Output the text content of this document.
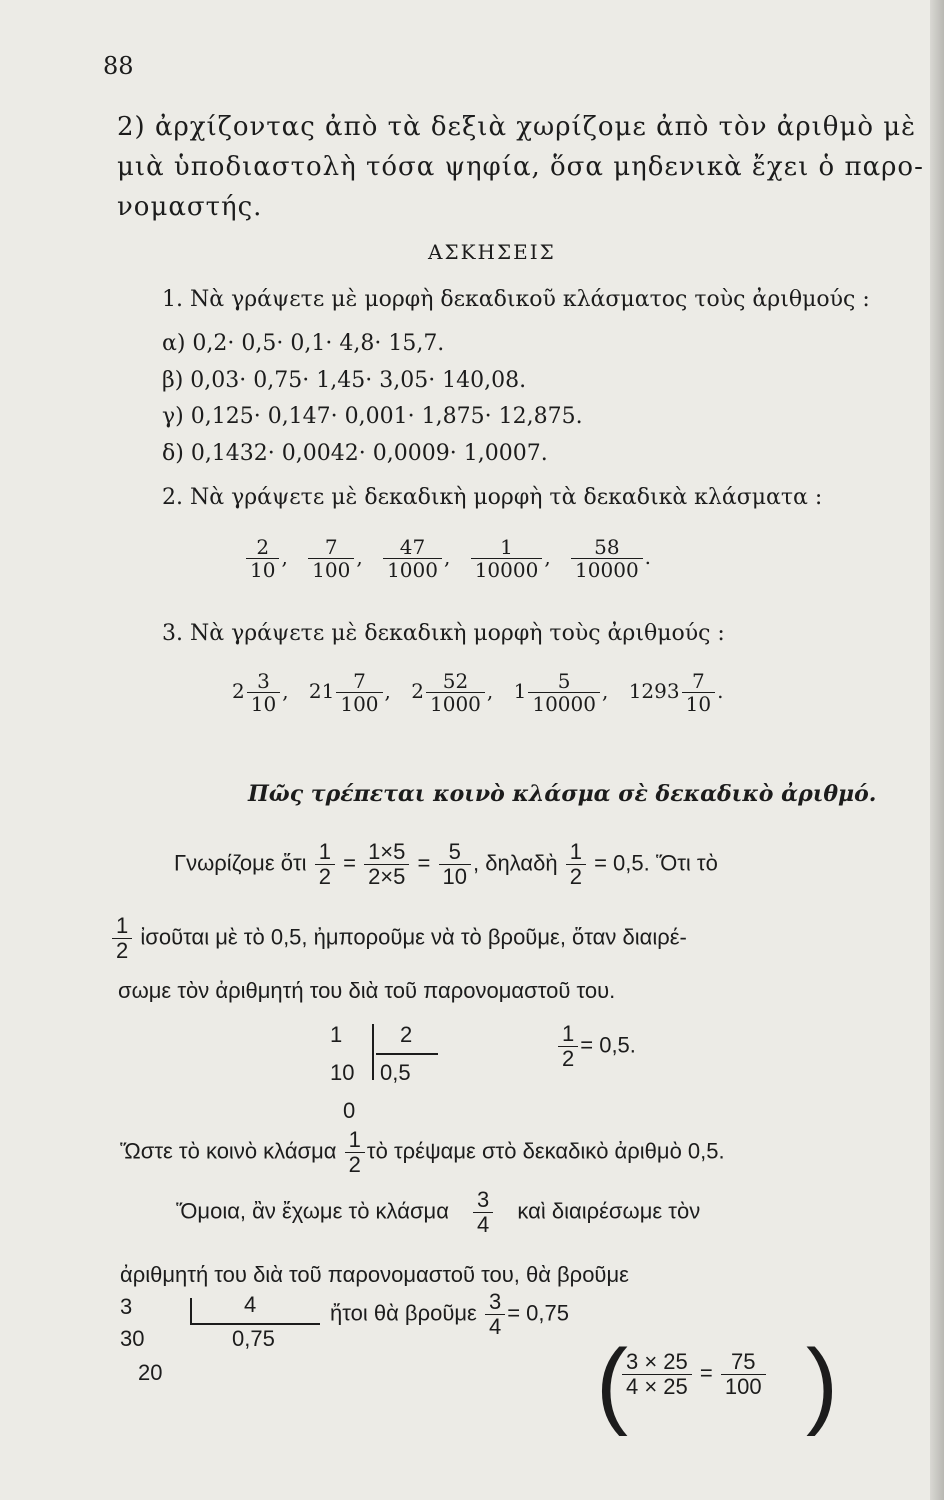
88
2) ἀρχίζοντας ἀπὸ τὰ δεξιὰ χωρίζομε ἀπὸ τὸν ἀριθμὸ μὲ
μιὰ ὑποδιαστολὴ τόσα ψηφία, ὅσα μηδενικὰ ἔχει ὁ παρο-
νομαστής.
ΑΣΚΗΣΕΙΣ
1. Νὰ γράψετε μὲ μορφὴ δεκαδικοῦ κλάσματος τοὺς ἀριθμούς :
α) 0,2· 0,5· 0,1· 4,8· 15,7.
β) 0,03· 0,75· 1,45· 3,05· 140,08.
γ) 0,125· 0,147· 0,001· 1,875· 12,875.
δ) 0,1432· 0,0042· 0,0009· 1,0007.
2. Νὰ γράψετε μὲ δεκαδικὴ μορφὴ τὰ δεκαδικὰ κλάσματα :
$\frac{2}{10}$ , $\frac{7}{100}$ , $\frac{47}{1000}$ , $\frac{1}{10000}$ , $\frac{58}{10000}$ .
3. Νὰ γράψετε μὲ δεκαδικὴ μορφὴ τοὺς ἀριθμούς :
$2 \frac{3}{10}$ , $21 \frac{7}{100}$ , $2 \frac{52}{1000}$ , $1 \frac{5}{10000}$ , $1293 \frac{7}{10}$ .
Πῶς τρέπεται κοινὸ κλάσμα σὲ δεκαδικὸ ἀριθμό.
Γνωρίζομε ὅτι $\frac{1}{2} = \frac{1\times 5}{2\times 5} = \frac{5}{10}$ , δηλαδὴ $\frac{1}{2} = 0,5$. Ὅτι τὸ
$\frac{1}{2}$ ἰσοῦται μὲ τὸ 0,5, ἠμποροῦμε νὰ τὸ βροῦμε, ὅταν διαιρέ-
σωμε τὸν ἀριθμητή του διὰ τοῦ παρονομαστοῦ του.
1
10
0
2
0,5
$\frac{1}{2} = 0,5$.
Ὥστε τὸ κοινὸ κλάσμα $\frac{1}{2}$ τὸ τρέψαμε στὸ δεκαδικὸ ἀριθμὸ 0,5.
Ὅμοια, ἂν ἔχωμε τὸ κλάσμα $\frac{3}{4}$ καὶ διαιρέσωμε τὸν
ἀριθμητή του διὰ τοῦ παρονομαστοῦ του, θὰ βροῦμε
3
30
20
4
0,75
ἤτοι θὰ βροῦμε $\frac{3}{4} = 0,75$
( )
$\frac{3 \times 25}{4 \times 25} = \frac{75}{100}$
